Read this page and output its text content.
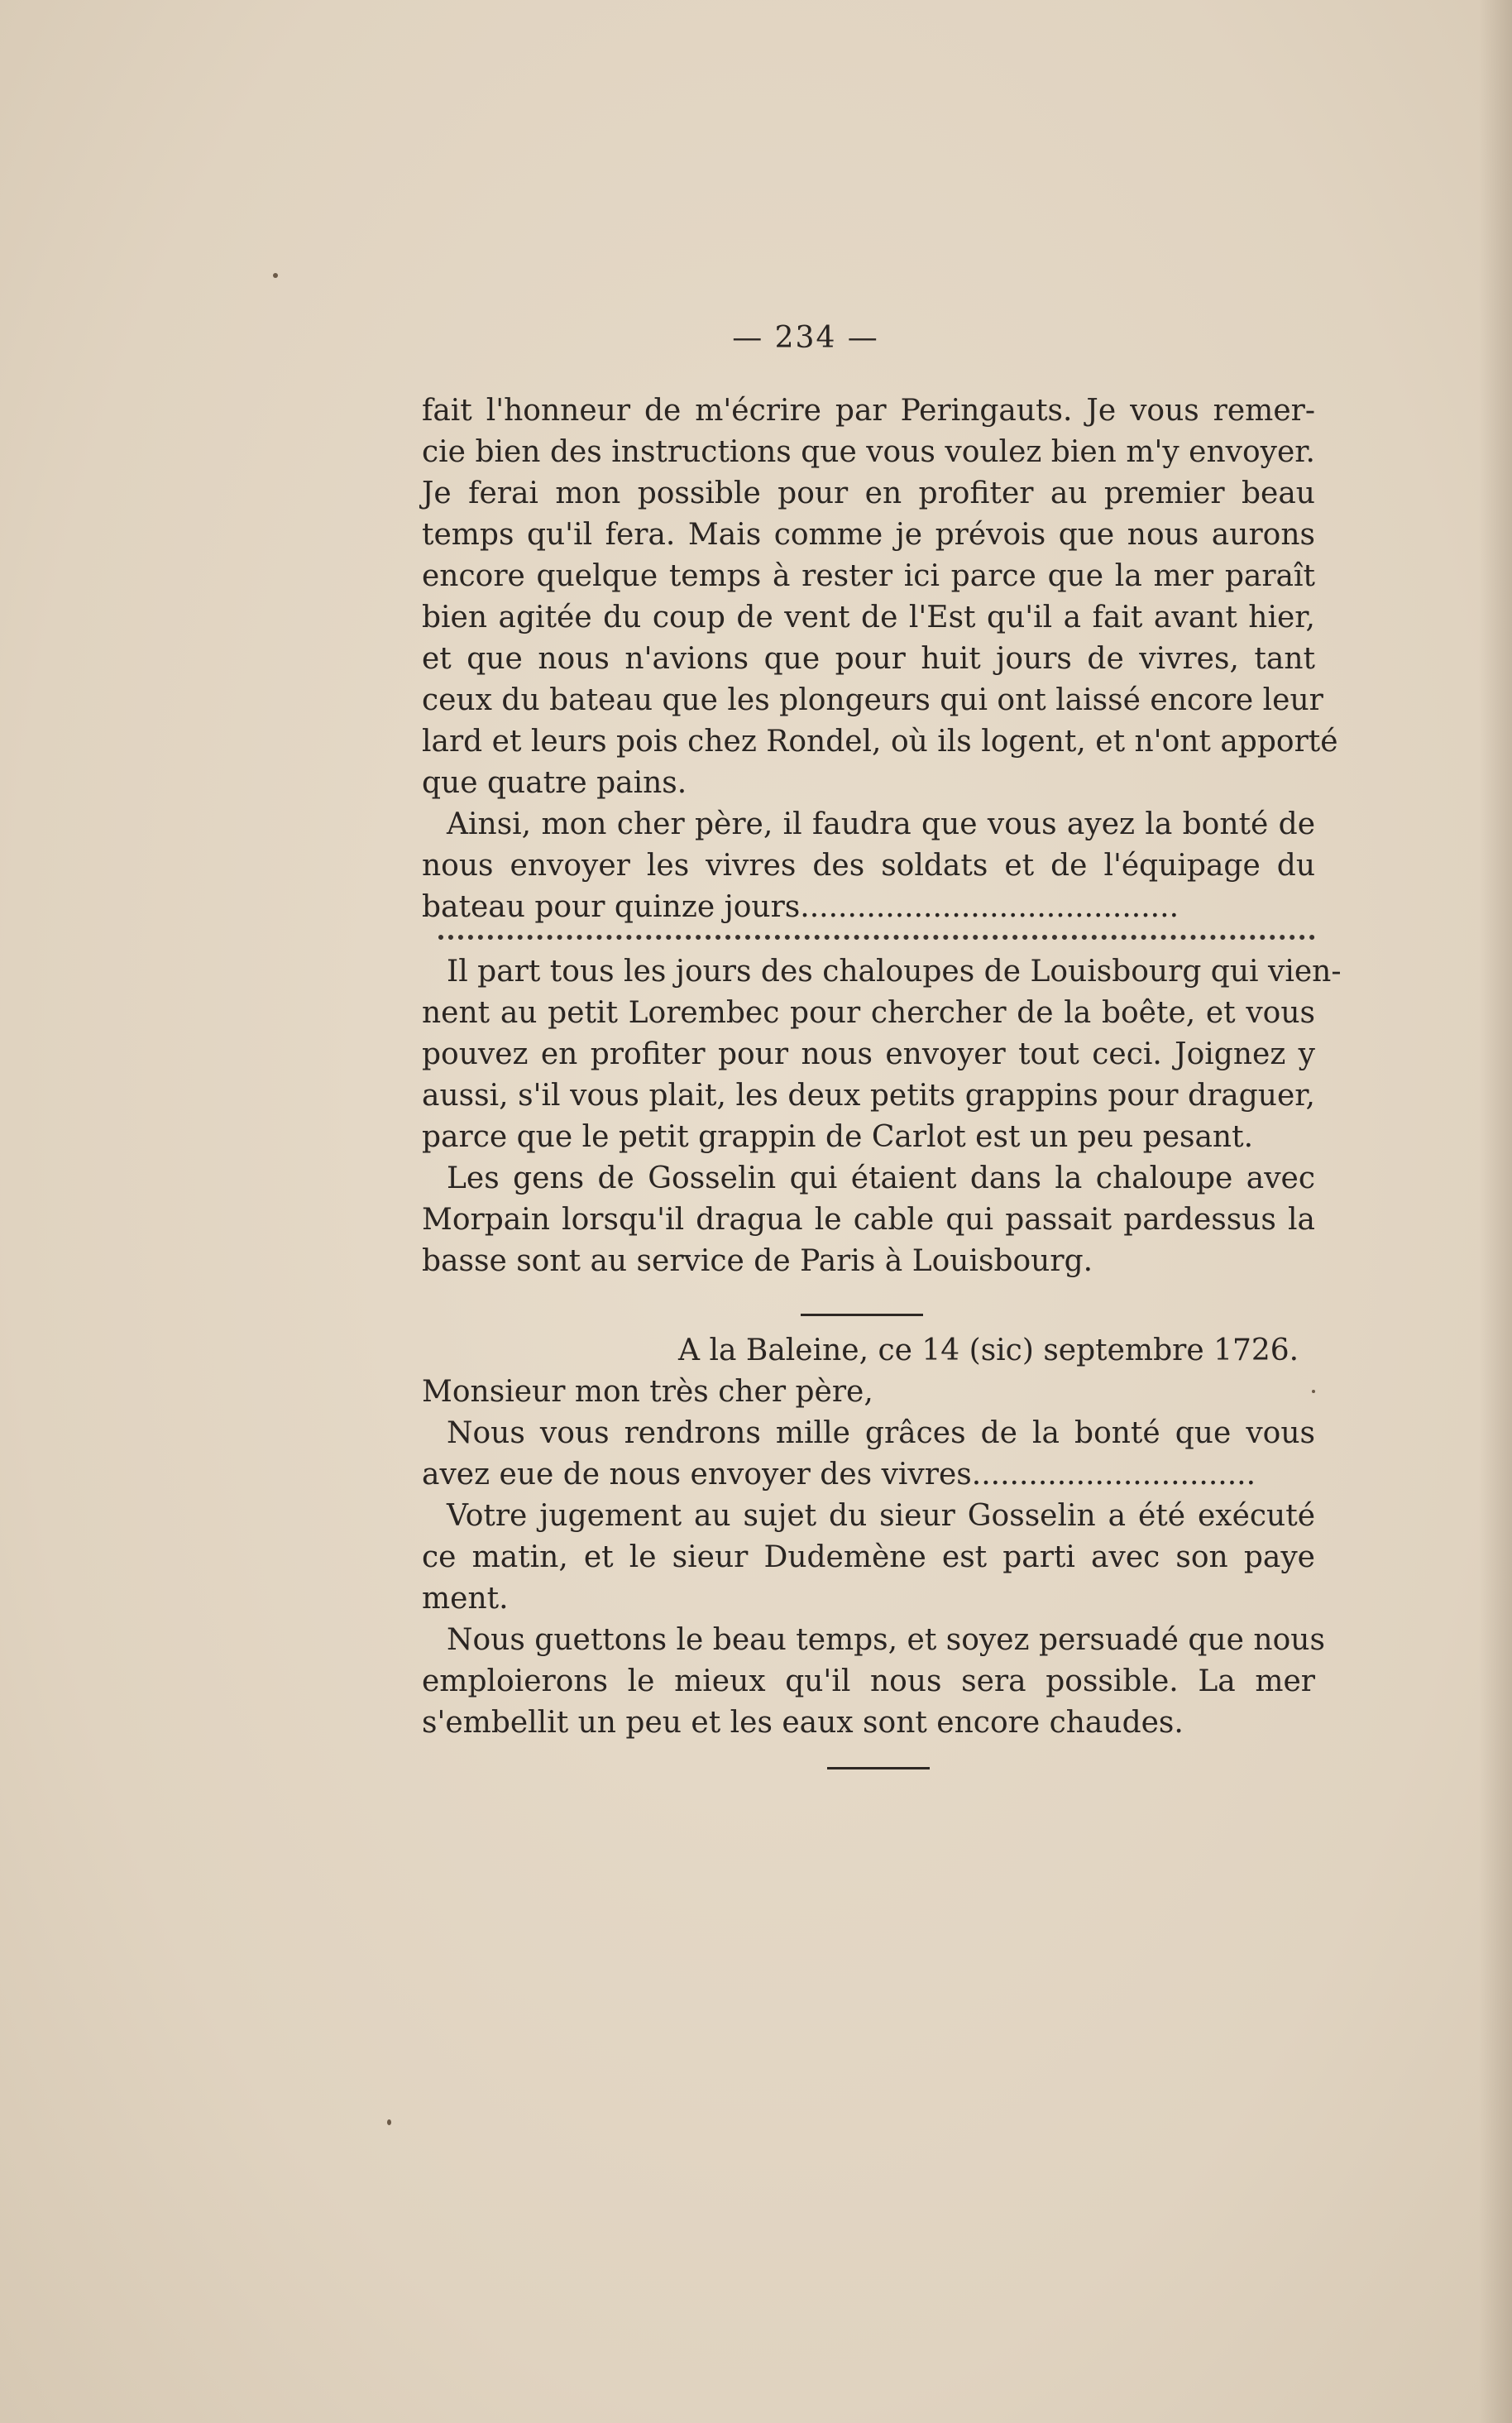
— 234 —
fait l'honneur de m'écrire par Peringauts. Je vous remer-
cie bien des instructions que vous voulez bien m'y envoyer.
Je ferai mon possible pour en profiter au premier beau
temps qu'il fera. Mais comme je prévois que nous aurons
encore quelque temps à rester ici parce que la mer paraît
bien agitée du coup de vent de l'Est qu'il a fait avant hier,
et que nous n'avions que pour huit jours de vivres, tant
ceux du bateau que les plongeurs qui ont laissé encore leur
lard et leurs pois chez Rondel, où ils logent, et n'ont apporté
que quatre pains.
Ainsi, mon cher père, il faudra que vous ayez la bonté de
nous envoyer les vivres des soldats et de l'équipage du
bateau pour quinze jours........................................
Il part tous les jours des chaloupes de Louisbourg qui vien-
nent au petit Lorembec pour chercher de la boête, et vous
pouvez en profiter pour nous envoyer tout ceci. Joignez y
aussi, s'il vous plait, les deux petits grappins pour draguer,
parce que le petit grappin de Carlot est un peu pesant.
Les gens de Gosselin qui étaient dans la chaloupe avec
Morpain lorsqu'il dragua le cable qui passait pardessus la
basse sont au service de Paris à Louisbourg.
A la Baleine, ce 14 (sic) septembre 1726.
Monsieur mon très cher père,
Nous vous rendrons mille grâces de la bonté que vous
avez eue de nous envoyer des vivres..............................
Votre jugement au sujet du sieur Gosselin a été exécuté
ce matin, et le sieur Dudemène est parti avec son paye
ment.
Nous guettons le beau temps, et soyez persuadé que nous
emploierons le mieux qu'il nous sera possible. La mer
s'embellit un peu et les eaux sont encore chaudes.
